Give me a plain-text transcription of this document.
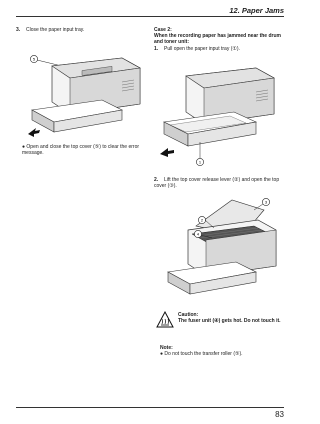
12. Paper Jams
3. Close the paper input tray.
5
● Open and close the top cover (⑤) to clear the error message.
Case 2:
When the recording paper has jammed near the drum and toner unit:
1. Pull open the paper input tray (①).
1
2. Lift the top cover release lever (②) and open the top cover (③).
3
2
4
Caution:
The fuser unit (④) gets hot. Do not touch it.
Note:
● Do not touch the transfer roller (⑤).
83
